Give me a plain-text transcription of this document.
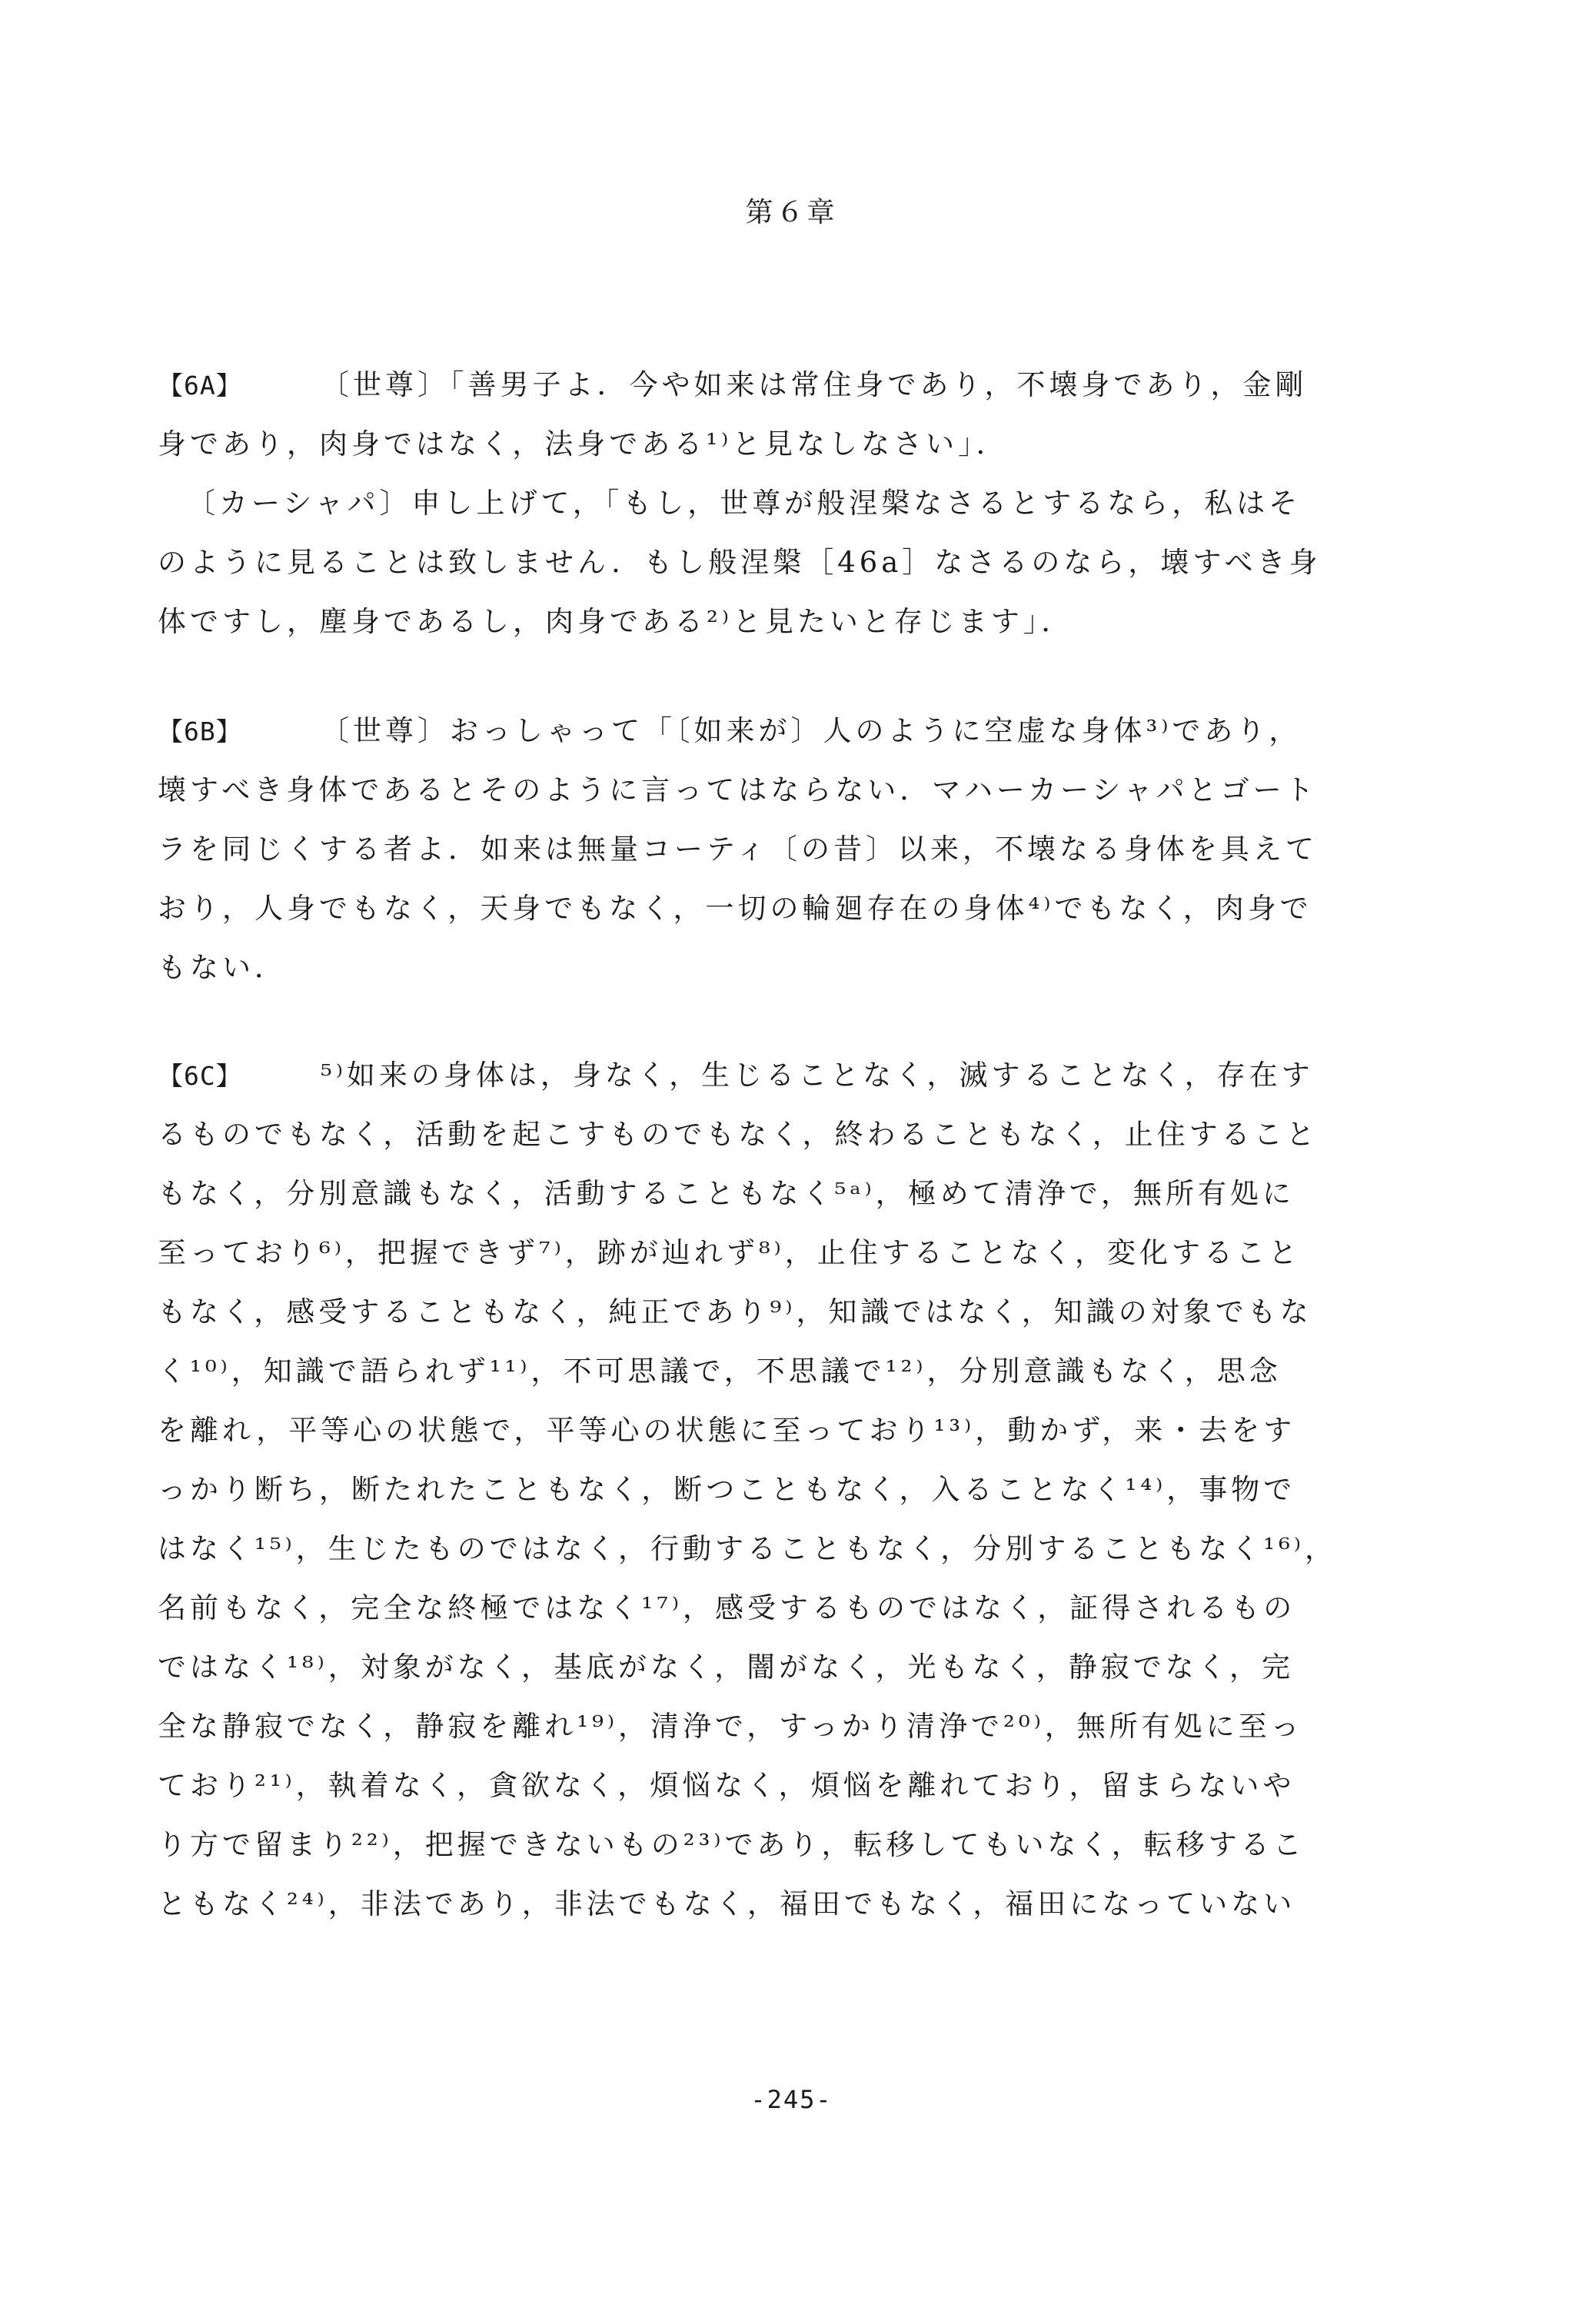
第６章
【6A】	〔世尊〕「善男子よ．今や如来は常住身であり，不壊身であり，金剛
身であり，肉身ではなく，法身である¹⁾と見なしなさい」．
〔カーシャパ〕申し上げて，「もし，世尊が般涅槃なさるとするなら，私はそ
のように見ることは致しません．もし般涅槃［46a］なさるのなら，壊すべき身
体ですし，塵身であるし，肉身である²⁾と見たいと存じます」．
【6B】	〔世尊〕おっしゃって「〔如来が〕人のように空虚な身体³⁾であり，
壊すべき身体であるとそのように言ってはならない．マハーカーシャパとゴート
ラを同じくする者よ．如来は無量コーティ〔の昔〕以来，不壊なる身体を具えて
おり，人身でもなく，天身でもなく，一切の輪廻存在の身体⁴⁾でもなく，肉身で
もない．
【6C】	⁵⁾如来の身体は，身なく，生じることなく，滅することなく，存在す
るものでもなく，活動を起こすものでもなく，終わることもなく，止住すること
もなく，分別意識もなく，活動することもなく⁵ᵃ⁾，極めて清浄で，無所有処に
至っており⁶⁾，把握できず⁷⁾，跡が辿れず⁸⁾，止住することなく，変化すること
もなく，感受することもなく，純正であり⁹⁾，知識ではなく，知識の対象でもな
く¹⁰⁾，知識で語られず¹¹⁾，不可思議で，不思議で¹²⁾，分別意識もなく，思念
を離れ，平等心の状態で，平等心の状態に至っており¹³⁾，動かず，来・去をす
っかり断ち，断たれたこともなく，断つこともなく，入ることなく¹⁴⁾，事物で
はなく¹⁵⁾，生じたものではなく，行動することもなく，分別することもなく¹⁶⁾，
名前もなく，完全な終極ではなく¹⁷⁾，感受するものではなく，証得されるもの
ではなく¹⁸⁾，対象がなく，基底がなく，闇がなく，光もなく，静寂でなく，完
全な静寂でなく，静寂を離れ¹⁹⁾，清浄で，すっかり清浄で²⁰⁾，無所有処に至っ
ており²¹⁾，執着なく，貪欲なく，煩悩なく，煩悩を離れており，留まらないや
り方で留まり²²⁾，把握できないもの²³⁾であり，転移してもいなく，転移するこ
ともなく²⁴⁾，非法であり，非法でもなく，福田でもなく，福田になっていない
-245-
